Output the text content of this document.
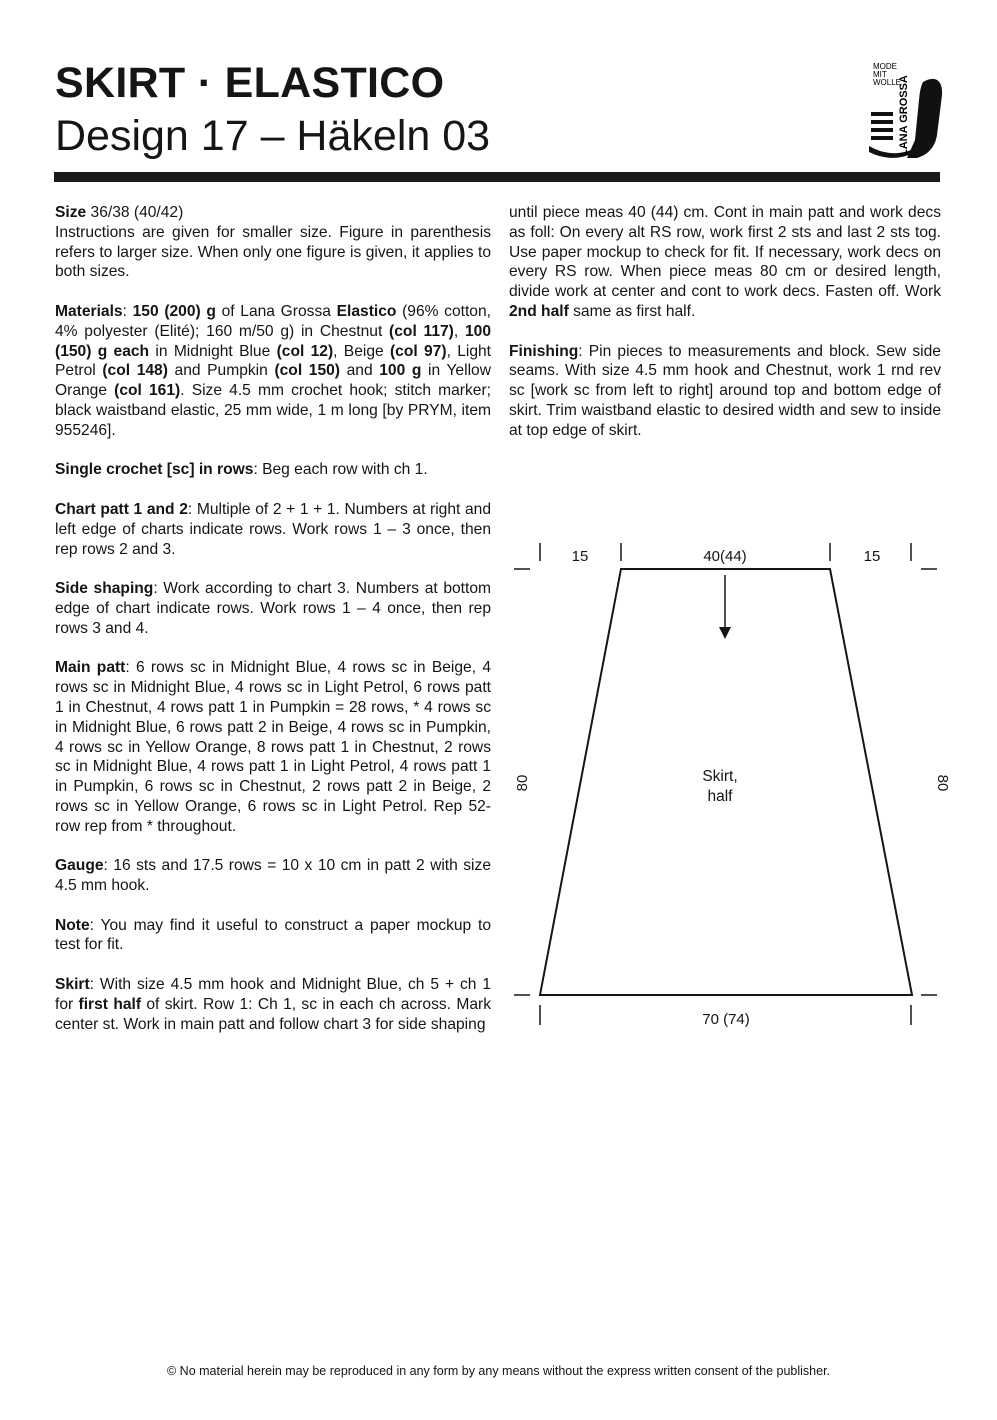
SKIRT · ELASTICO
Design 17 – Häkeln 03
MODE
MIT
WOLLE
LANA GROSSA

Size 36/38 (40/42)
Instructions are given for smaller size. Figure in parenthesis refers to larger size. When only one figure is given, it applies to both sizes.

Materials: 150 (200) g of Lana Grossa Elastico (96% cotton, 4% polyester (Elité); 160 m/50 g) in Chestnut (col 117), 100 (150) g each in Midnight Blue (col 12), Beige (col 97), Light Petrol (col 148) and Pumpkin (col 150) and 100 g in Yellow Orange (col 161). Size 4.5 mm crochet hook; stitch marker; black waistband elastic, 25 mm wide, 1 m long [by PRYM, item 955246].

Single crochet [sc] in rows: Beg each row with ch 1.

Chart patt 1 and 2: Multiple of 2 + 1 + 1. Numbers at right and left edge of charts indicate rows. Work rows 1 – 3 once, then rep rows 2 and 3.

Side shaping: Work according to chart 3. Numbers at bottom edge of chart indicate rows. Work rows 1 – 4 once, then rep rows 3 and 4.

Main patt: 6 rows sc in Midnight Blue, 4 rows sc in Beige, 4 rows sc in Midnight Blue, 4 rows sc in Light Petrol, 6 rows patt 1 in Chestnut, 4 rows patt 1 in Pumpkin = 28 rows, * 4 rows sc in Midnight Blue, 6 rows patt 2 in Beige, 4 rows sc in Pumpkin, 4 rows sc in Yellow Orange, 8 rows patt 1 in Chestnut, 2 rows sc in Midnight Blue, 4 rows patt 1 in Light Petrol, 4 rows patt 1 in Pumpkin, 6 rows sc in Chestnut, 2 rows patt 2 in Beige, 2 rows sc in Yellow Orange, 6 rows sc in Light Petrol. Rep 52-row rep from * throughout.

Gauge: 16 sts and 17.5 rows = 10 x 10 cm in patt 2 with size 4.5 mm hook.

Note: You may find it useful to construct a paper mockup to test for fit.

Skirt: With size 4.5 mm hook and Midnight Blue, ch 5 + ch 1 for first half of skirt. Row 1: Ch 1, sc in each ch across. Mark center st. Work in main patt and follow chart 3 for side shaping

until piece meas 40 (44) cm. Cont in main patt and work decs as foll: On every alt RS row, work first 2 sts and last 2 sts tog. Use paper mockup to check for fit. If necessary, work decs on every RS row. When piece meas 80 cm or desired length, divide work at center and cont to work decs. Fasten off. Work 2nd half same as first half.

Finishing: Pin pieces to measurements and block. Sew side seams. With size 4.5 mm hook and Chestnut, work 1 rnd rev sc [work sc from left to right] around top and bottom edge of skirt. Trim waistband elastic to desired width and sew to inside at top edge of skirt.

15	40(44)	15
80	80
Skirt,
half
70 (74)
© No material herein may be reproduced in any form by any means without the express written consent of the publisher.
